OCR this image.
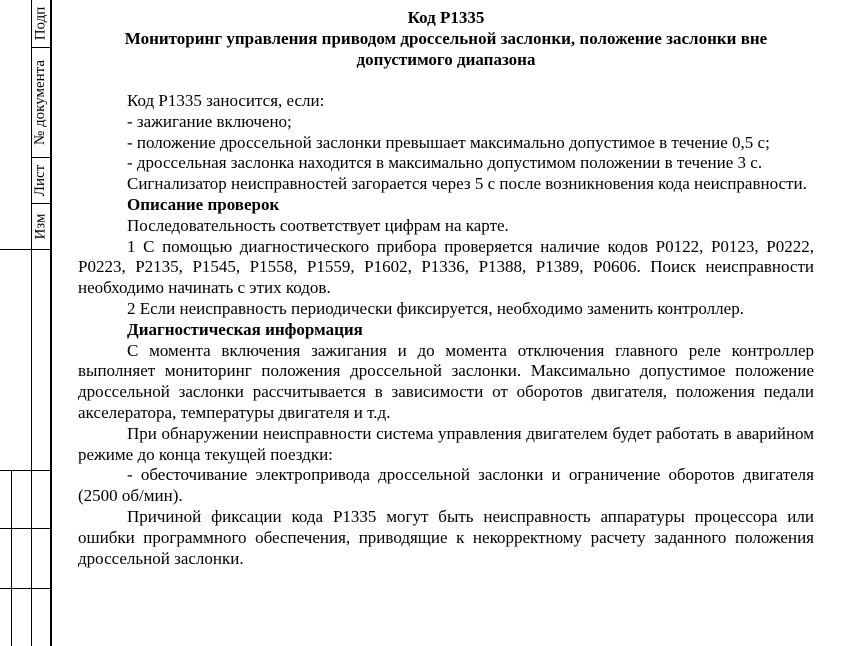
Подп
№ документа
Лист
Изм
Код P1335
Мониторинг управления приводом дроссельной заслонки, положение заслонки вне допустимого диапазона

Код P1335 заносится, если:

- зажигание включено;

- положение дроссельной заслонки превышает максимально допустимое в течение 0,5 с;

- дроссельная заслонка находится в максимально допустимом положении в течение 3 с.

Сигнализатор неисправностей загорается через 5 с после возникновения кода неисправности.

Описание проверок

Последовательность соответствует цифрам на карте.

1 С помощью диагностического прибора проверяется наличие кодов P0122, P0123, P0222, P0223, P2135, P1545, P1558, P1559, P1602, P1336, P1388, P1389, P0606. Поиск неисправности необходимо начинать с этих кодов.

2 Если неисправность периодически фиксируется, необходимо заменить контроллер.

Диагностическая информация

С момента включения зажигания и до момента отключения главного реле контроллер выполняет мониторинг положения дроссельной заслонки. Максимально допустимое положение дроссельной заслонки рассчитывается в зависимости от оборотов двигателя, положения педали акселератора, температуры двигателя и т.д.

При обнаружении неисправности система управления двигателем будет работать в аварийном режиме до конца текущей поездки:

- обесточивание электропривода дроссельной заслонки и ограничение оборотов двигателя (2500 об/мин).

Причиной фиксации кода P1335 могут быть неисправность аппаратуры процессора или ошибки программного обеспечения, приводящие к некорректному расчету заданного положения дроссельной заслонки.
